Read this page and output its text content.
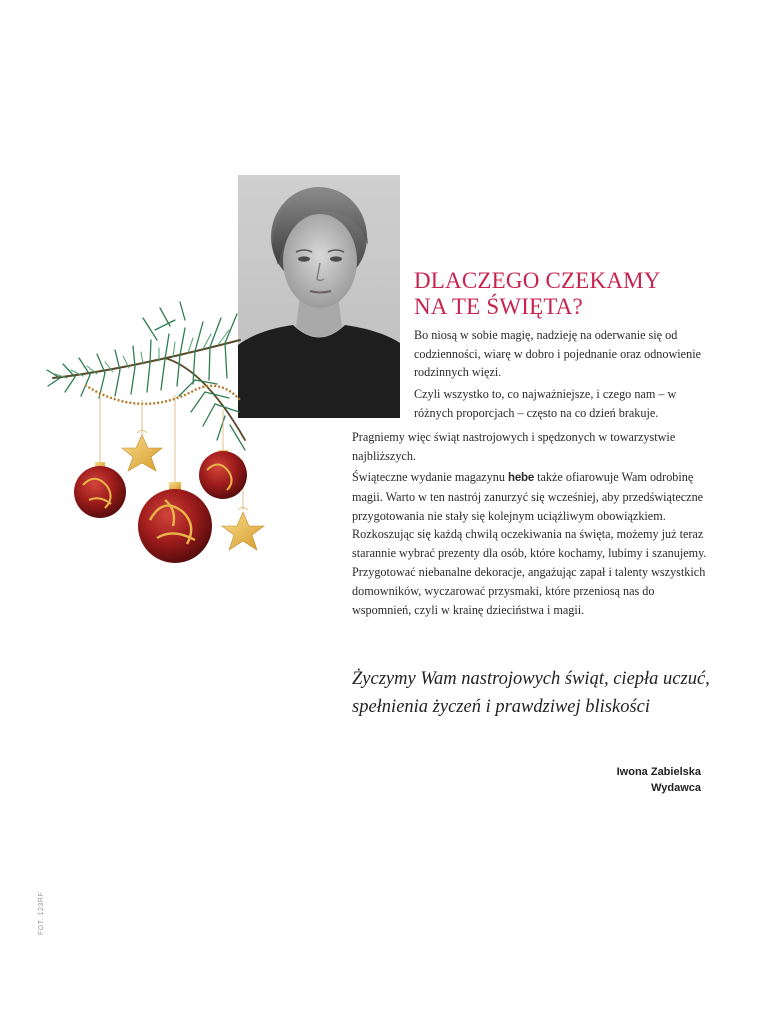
DLACZEGO CZEKAMY
NA TE ŚWIĘTA?

Bo niosą w sobie magię, nadzieję na oderwanie się od codzienności, wiarę w dobro i pojednanie oraz odnowienie rodzinnych więzi.

Czyli wszystko to, co najważniejsze, i czego nam – w różnych proporcjach – często na co dzień brakuje.

Pragniemy więc świąt nastrojowych i spędzonych w towarzystwie najbliższych.

Świąteczne wydanie magazynu hebe także ofiarowuje Wam odrobinę magii. Warto w ten nastrój zanurzyć się wcześniej, aby przedświąteczne przygotowania nie stały się kolejnym uciążliwym obowiązkiem. Rozkoszując się każdą chwilą oczekiwania na święta, możemy już teraz starannie wybrać prezenty dla osób, które kochamy, lubimy i szanujemy. Przygotować niebanalne dekoracje, angażując zapał i talenty wszystkich domowników, wyczarować przysmaki, które przeniosą nas do wspomnień, czyli w krainę dzieciństwa i magii.

Życzymy Wam nastrojowych świąt, ciepła uczuć, spełnienia życzeń i prawdziwej bliskości

Iwona Zabielska
Wydawca
FOT. 123RF
